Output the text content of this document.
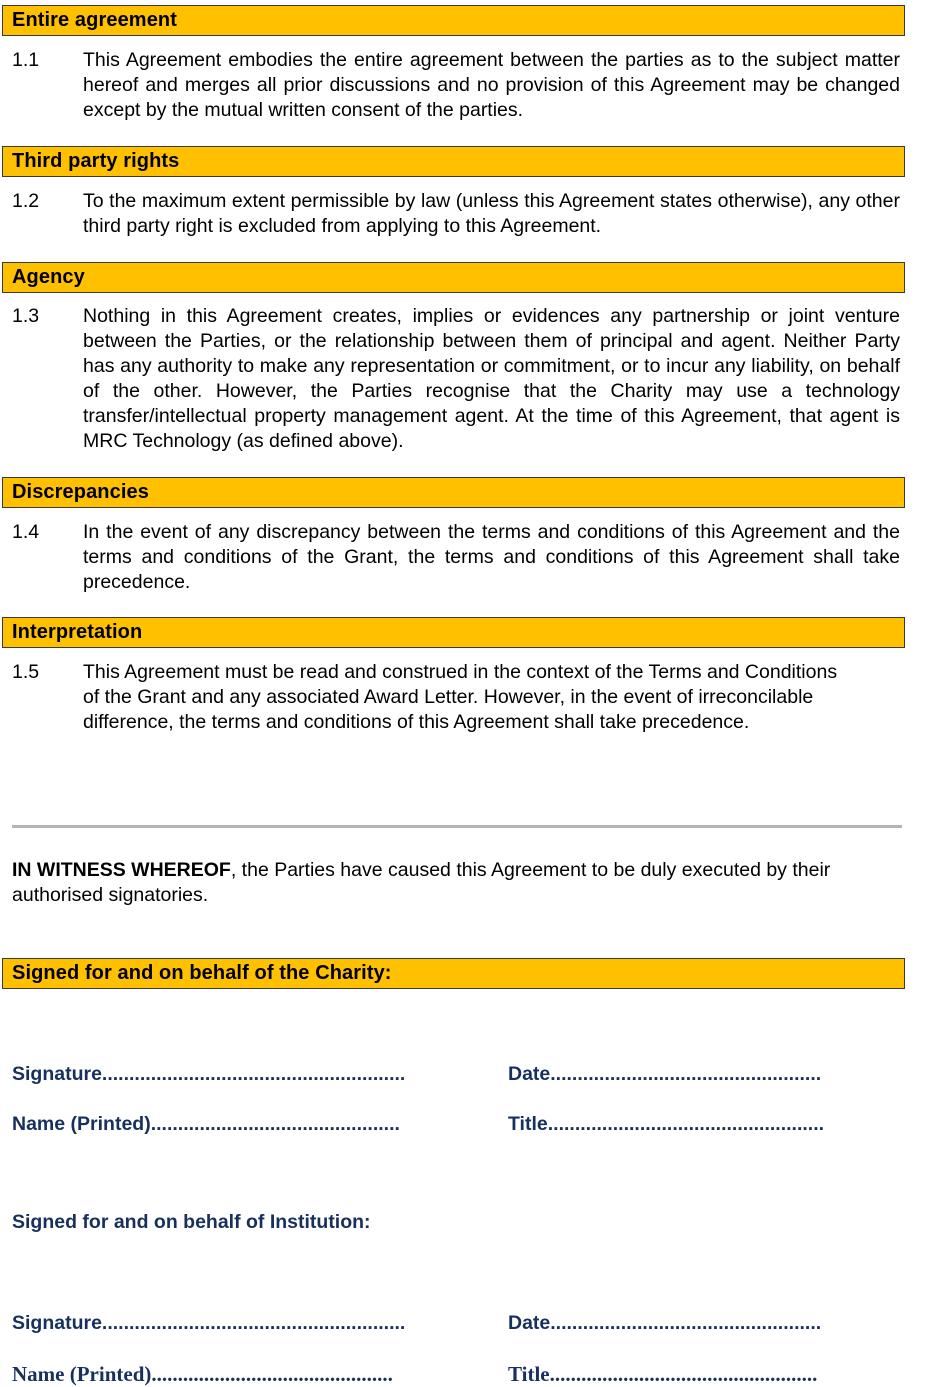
Entire agreement
1.1 This Agreement embodies the entire agreement between the parties as to the subject matter hereof and merges all prior discussions and no provision of this Agreement may be changed except by the mutual written consent of the parties.
Third party rights
1.2 To the maximum extent permissible by law (unless this Agreement states otherwise), any other third party right is excluded from applying to this Agreement.
Agency
1.3 Nothing in this Agreement creates, implies or evidences any partnership or joint venture between the Parties, or the relationship between them of principal and agent. Neither Party has any authority to make any representation or commitment, or to incur any liability, on behalf of the other. However, the Parties recognise that the Charity may use a technology transfer/intellectual property management agent. At the time of this Agreement, that agent is MRC Technology (as defined above).
Discrepancies
1.4 In the event of any discrepancy between the terms and conditions of this Agreement and the terms and conditions of the Grant, the terms and conditions of this Agreement shall take precedence.
Interpretation
1.5 This Agreement must be read and construed in the context of the Terms and Conditions of the Grant and any associated Award Letter. However, in the event of irreconcilable difference, the terms and conditions of this Agreement shall take precedence.
IN WITNESS WHEREOF, the Parties have caused this Agreement to be duly executed by their authorised signatories.
Signed for and on behalf of the Charity:
Signature........................................................	Date..................................................
Name (Printed)..............................................	Title...................................................
Signed for and on behalf of Institution:
Signature........................................................	Date..................................................
Name (Printed)..............................................	Title...................................................
